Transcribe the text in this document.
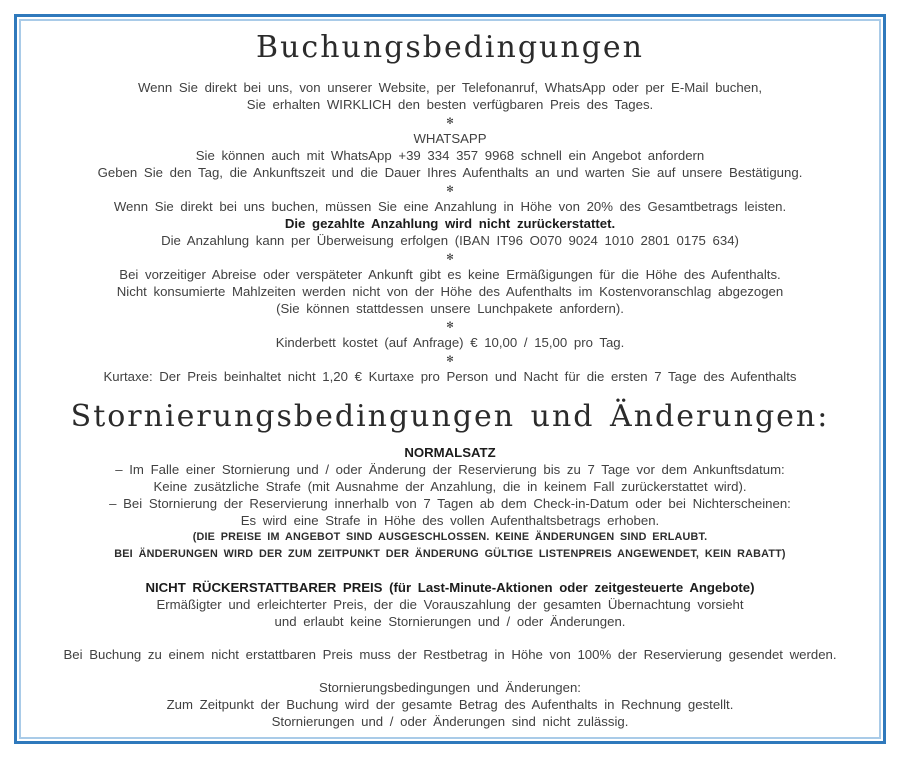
Buchungsbedingungen
Wenn Sie direkt bei uns, von unserer Website, per Telefonanruf, WhatsApp oder per E-Mail buchen,
Sie erhalten WIRKLICH den besten verfügbaren Preis des Tages.
✻
WHATSAPP
Sie können auch mit WhatsApp +39 334 357 9968 schnell ein Angebot anfordern
Geben Sie den Tag, die Ankunftszeit und die Dauer Ihres Aufenthalts an und warten Sie auf unsere Bestätigung.
✻
Wenn Sie direkt bei uns buchen, müssen Sie eine Anzahlung in Höhe von 20% des Gesamtbetrags leisten.
Die gezahlte Anzahlung wird nicht zurückerstattet.
Die Anzahlung kann per Überweisung erfolgen (IBAN IT96 O070 9024 1010 2801 0175 634)
✻
Bei vorzeitiger Abreise oder verspäteter Ankunft gibt es keine Ermäßigungen für die Höhe des Aufenthalts.
Nicht konsumierte Mahlzeiten werden nicht von der Höhe des Aufenthalts im Kostenvoranschlag abgezogen
(Sie können stattdessen unsere Lunchpakete anfordern).
✻
Kinderbett kostet (auf Anfrage) € 10,00 / 15,00 pro Tag.
✻
Kurtaxe: Der Preis beinhaltet nicht 1,20 € Kurtaxe pro Person und Nacht für die ersten 7 Tage des Aufenthalts
Stornierungsbedingungen und Änderungen:
NORMALSATZ
– Im Falle einer Stornierung und / oder Änderung der Reservierung bis zu 7 Tage vor dem Ankunftsdatum:
Keine zusätzliche Strafe (mit Ausnahme der Anzahlung, die in keinem Fall zurückerstattet wird).
– Bei Stornierung der Reservierung innerhalb von 7 Tagen ab dem Check-in-Datum oder bei Nichterscheinen:
Es wird eine Strafe in Höhe des vollen Aufenthaltsbetrags erhoben.
(DIE PREISE IM ANGEBOT SIND AUSGESCHLOSSEN. KEINE ÄNDERUNGEN SIND ERLAUBT.
BEI ÄNDERUNGEN WIRD DER ZUM ZEITPUNKT DER ÄNDERUNG GÜLTIGE LISTENPREIS ANGEWENDET, KEIN RABATT)
NICHT RÜCKERSTATTBARER PREIS (für Last-Minute-Aktionen oder zeitgesteuerte Angebote)
Ermäßigter und erleichterter Preis, der die Vorauszahlung der gesamten Übernachtung vorsieht
und erlaubt keine Stornierungen und / oder Änderungen.
Bei Buchung zu einem nicht erstattbaren Preis muss der Restbetrag in Höhe von 100% der Reservierung gesendet werden.
Stornierungsbedingungen und Änderungen:
Zum Zeitpunkt der Buchung wird der gesamte Betrag des Aufenthalts in Rechnung gestellt.
Stornierungen und / oder Änderungen sind nicht zulässig.
